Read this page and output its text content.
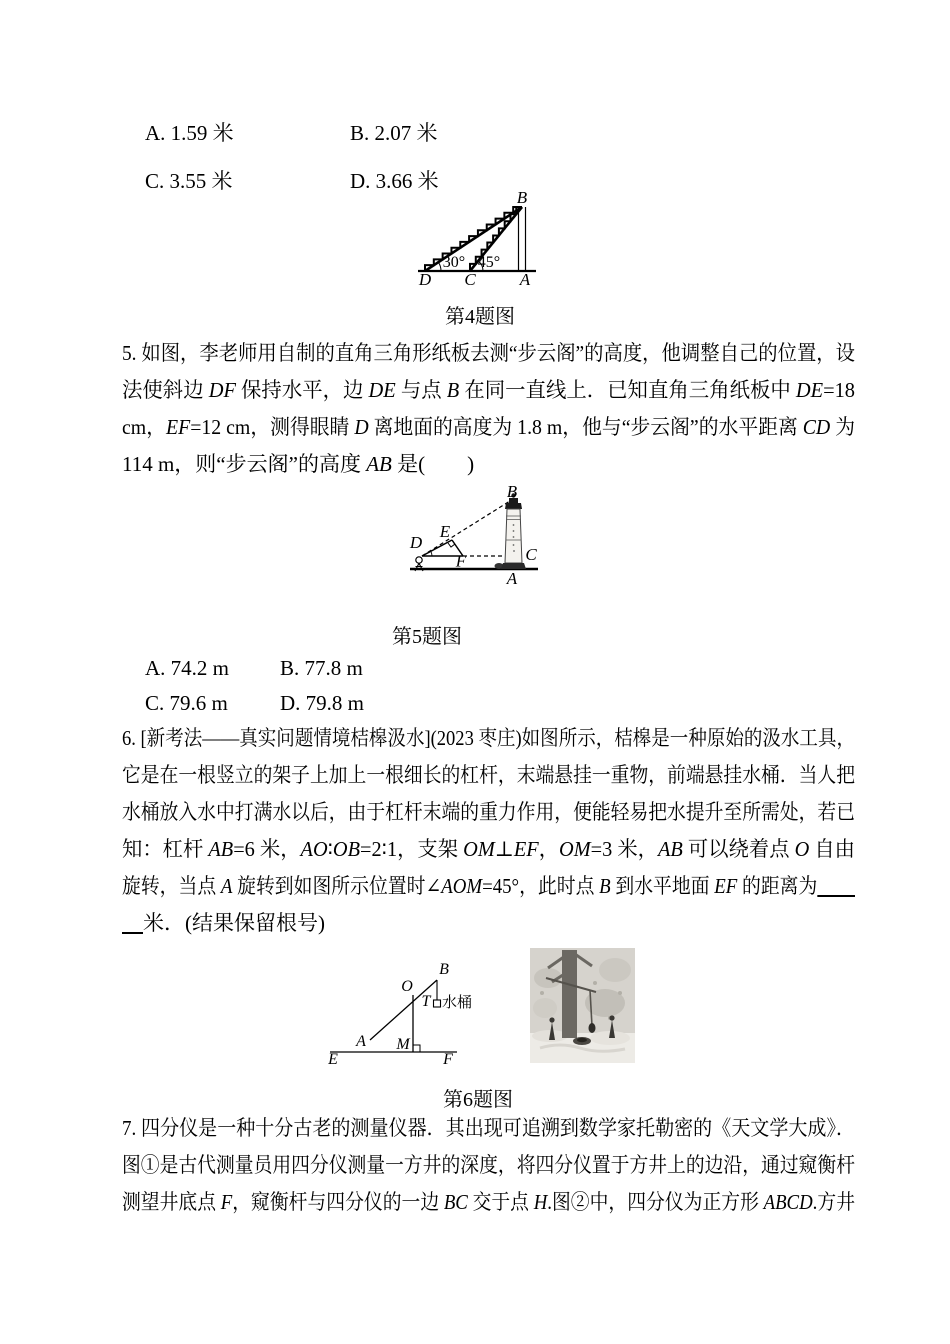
A. 1.59 米	B. 2.07 米
C. 3.55 米	D. 3.66 米
30° 45°
B
D C	A
第4题图
5. 如图，李老师用自制的直角三角形纸板去测“步云阁”的高度，他调整自己的位置，设
法使斜边 DF 保持水平，边 DE 与点 B 在同一直线上．已知直角三角纸板中 DE=18
cm，EF=12 cm，测得眼睛 D 离地面的高度为 1.8 m，他与“步云阁”的水平距离 CD 为
114 m，则“步云阁”的高度 AB 是(　　)
B
E
D
F	C
A
第5题图
A. 74.2 m B. 77.8 m
C. 79.6 m D. 79.8 m
6. [新考法——真实问题情境桔槔汲水](2023 枣庄)如图所示，桔槔是一种原始的汲水工具，
它是在一根竖立的架子上加上一根细长的杠杆，末端悬挂一重物，前端悬挂水桶．当人把
水桶放入水中打满水以后，由于杠杆末端的重力作用，便能轻易把水提升至所需处，若已
知：杠杆 AB=6 米，AO∶OB=2∶1，支架 OM⊥EF，OM=3 米，AB 可以绕着点 O 自由
旋转，当点 A 旋转到如图所示位置时∠AOM=45°，此时点 B 到水平地面 EF 的距离为　　
　米．(结果保留根号)
E	F
A M
O
B
T 水桶
第6题图
7. 四分仪是一种十分古老的测量仪器．其出现可追溯到数学家托勒密的《天文学大成》．
图①是古代测量员用四分仪测量一方井的深度，将四分仪置于方井上的边沿，通过窥衡杆
测望井底点 F，窥衡杆与四分仪的一边 BC 交于点 H.图②中，四分仪为正方形 ABCD.方井
